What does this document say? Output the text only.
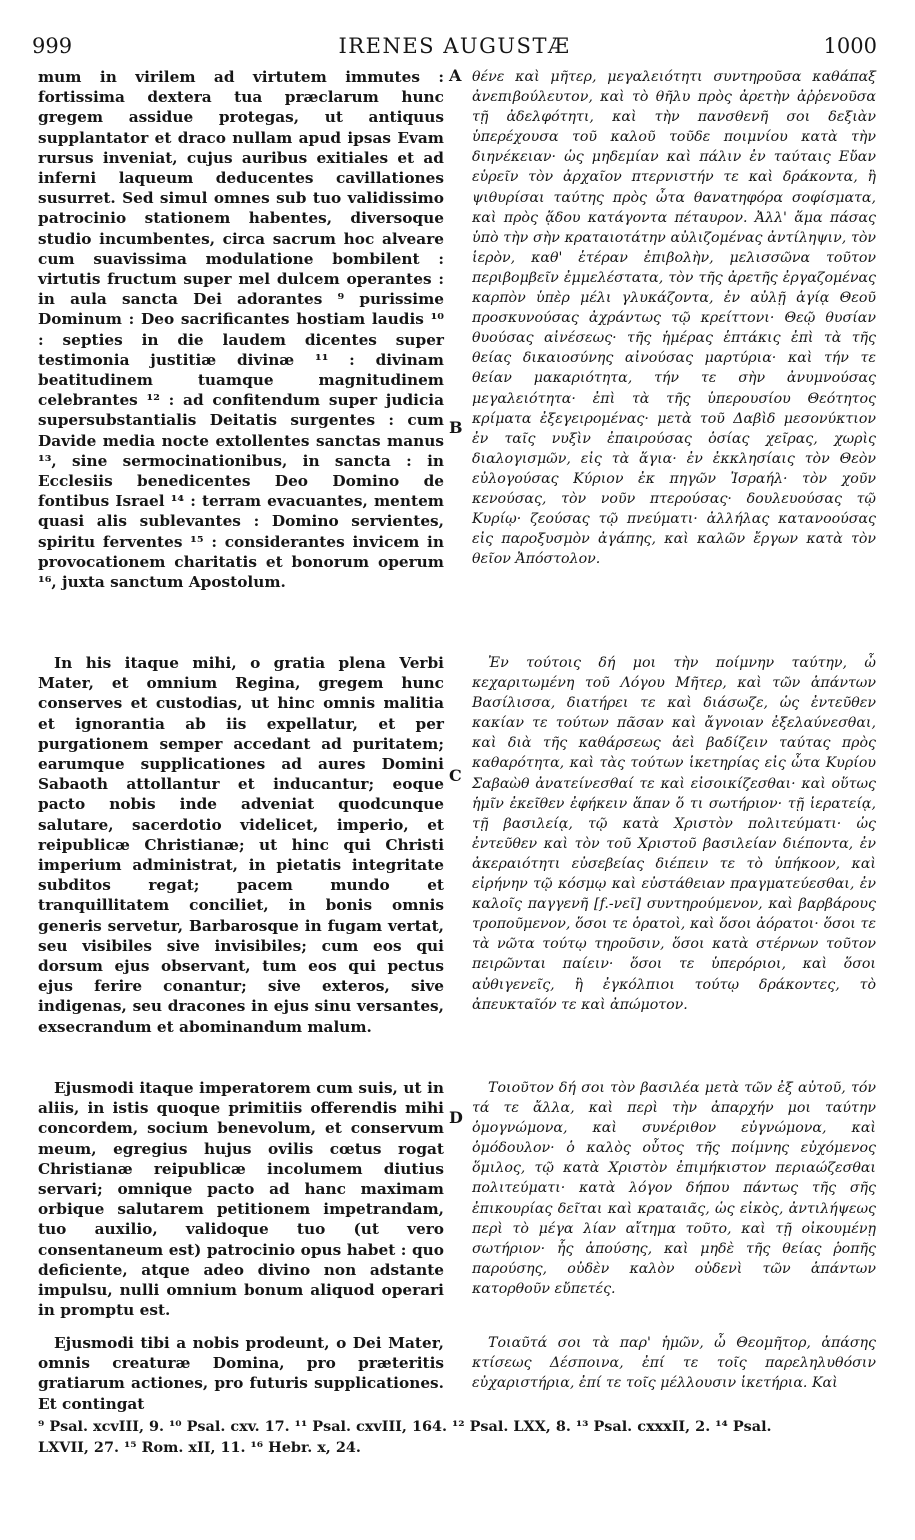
999	IRENES AUGUSTÆ	1000
A
B
C
D

mum in virilem ad virtutem immutes : fortissima dextera tua præclarum hunc gregem assidue protegas, ut antiquus supplantator et draco nullam apud ipsas Evam rursus inveniat, cujus auribus exitiales et ad inferni laqueum deducentes cavillationes susurret. Sed simul omnes sub tuo validissimo patrocinio stationem habentes, diversoque studio incumbentes, circa sacrum hoc alveare cum suavissima modulatione bombilent : virtutis fructum super mel dulcem operantes : in aula sancta Dei adorantes ⁹ purissime Dominum : Deo sacrificantes hostiam laudis ¹⁰ : septies in die laudem dicentes super testimonia justitiæ divinæ ¹¹ : divinam beatitudinem tuamque magnitudinem celebrantes ¹² : ad confitendum super judicia supersubstantialis Deitatis surgentes : cum Davide media nocte extollentes sanctas manus ¹³, sine sermocinationibus, in sancta : in Ecclesiis benedicentes Deo Domino de fontibus Israel ¹⁴ : terram evacuantes, mentem quasi alis sublevantes : Domino servientes, spiritu ferventes ¹⁵ : considerantes invicem in provocationem charitatis et bonorum operum ¹⁶, juxta sanctum Apostolum.

In his itaque mihi, o gratia plena Verbi Mater, et omnium Regina, gregem hunc conserves et custodias, ut hinc omnis malitia et ignorantia ab iis expellatur, et per purgationem semper accedant ad puritatem; earumque supplicationes ad aures Domini Sabaoth attollantur et inducantur; eoque pacto nobis inde adveniat quodcunque salutare, sacerdotio videlicet, imperio, et reipublicæ Christianæ; ut hinc qui Christi imperium administrat, in pietatis integritate subditos regat; pacem mundo et tranquillitatem conciliet, in bonis omnis generis servetur, Barbarosque in fugam vertat, seu visibiles sive invisibiles; cum eos qui dorsum ejus observant, tum eos qui pectus ejus ferire conantur; sive exteros, sive indigenas, seu dracones in ejus sinu versantes, exsecrandum et abominandum malum.

Ejusmodi itaque imperatorem cum suis, ut in aliis, in istis quoque primitiis offerendis mihi concordem, socium benevolum, et conservum meum, egregius hujus ovilis cœtus rogat Christianæ reipublicæ incolumem diutius servari; omnique pacto ad hanc maximam orbique salutarem petitionem impetrandam, tuo auxilio, validoque tuo (ut vero consentaneum est) patrocinio opus habet : quo deficiente, atque adeo divino non adstante impulsu, nulli omnium bonum aliquod operari in promptu est.

Ejusmodi tibi a nobis prodeunt, o Dei Mater, omnis creaturæ Domina, pro præteritis gratiarum actiones, pro futuris supplicationes. Et contingat

θένε καὶ μῆτερ, μεγαλειότητι συντηροῦσα καθάπαξ ἀνεπιβούλευτον, καὶ τὸ θῆλυ πρὸς ἀρετὴν ἀῤῥενοῦσα τῇ ἀδελφότητι, καὶ τὴν πανσθενῆ σοι δεξιὰν ὑπερέχουσα τοῦ καλοῦ τοῦδε ποιμνίου κατὰ τὴν διηνέκειαν· ὡς μηδεμίαν καὶ πάλιν ἐν ταύταις Εὔαν εὑρεῖν τὸν ἀρχαῖον πτερνιστήν τε καὶ δράκοντα, ἢ ψιθυρίσαι ταύτης πρὸς ὦτα θανατηφόρα σοφίσματα, καὶ πρὸς ᾅδου κατάγοντα πέταυρον. Ἀλλ' ἅμα πάσας ὑπὸ τὴν σὴν κραταιοτάτην αὐλιζομένας ἀντίληψιν, τὸν ἱερὸν, καθ' ἑτέραν ἐπιβολὴν, μελισσῶνα τοῦτον περιβομβεῖν ἐμμελέστατα, τὸν τῆς ἀρετῆς ἐργαζομένας καρπὸν ὑπὲρ μέλι γλυκάζοντα, ἐν αὐλῇ ἁγίᾳ Θεοῦ προσκυνούσας ἀχράντως τῷ κρείττονι· Θεῷ θυσίαν θυούσας αἰνέσεως· τῆς ἡμέρας ἑπτάκις ἐπὶ τὰ τῆς θείας δικαιοσύνης αἰνούσας μαρτύρια· καὶ τήν τε θείαν μακαριότητα, τήν τε σὴν ἀνυμνούσας μεγαλειότητα· ἐπὶ τὰ τῆς ὑπερουσίου Θεότητος κρίματα ἐξεγειρομένας· μετὰ τοῦ Δαβὶδ μεσονύκτιον ἐν ταῖς νυξὶν ἐπαιρούσας ὁσίας χεῖρας, χωρὶς διαλογισμῶν, εἰς τὰ ἅγια· ἐν ἐκκλησίαις τὸν Θεὸν εὐλογούσας Κύριον ἐκ πηγῶν Ἰσραήλ· τὸν χοῦν κενούσας, τὸν νοῦν πτερούσας· δουλευούσας τῷ Κυρίῳ· ζεούσας τῷ πνεύματι· ἀλλήλας κατανοούσας εἰς παροξυσμὸν ἀγάπης, καὶ καλῶν ἔργων κατὰ τὸν θεῖον Ἀπόστολον.

Ἐν τούτοις δή μοι τὴν ποίμνην ταύτην, ὦ κεχαριτωμένη τοῦ Λόγου Μῆτερ, καὶ τῶν ἁπάντων Βασίλισσα, διατήρει τε καὶ διάσωζε, ὡς ἐντεῦθεν κακίαν τε τούτων πᾶσαν καὶ ἄγνοιαν ἐξελαύνεσθαι, καὶ διὰ τῆς καθάρσεως ἀεὶ βαδίζειν ταύτας πρὸς καθαρότητα, καὶ τὰς τούτων ἱκετηρίας εἰς ὦτα Κυρίου Σαβαὼθ ἀνατείνεσθαί τε καὶ εἰσοικίζεσθαι· καὶ οὕτως ἡμῖν ἐκεῖθεν ἐφήκειν ἅπαν ὅ τι σωτήριον· τῇ ἱερατείᾳ, τῇ βασιλείᾳ, τῷ κατὰ Χριστὸν πολιτεύματι· ὡς ἐντεῦθεν καὶ τὸν τοῦ Χριστοῦ βασιλείαν διέποντα, ἐν ἀκεραιότητι εὐσεβείας διέπειν τε τὸ ὑπήκοον, καὶ εἰρήνην τῷ κόσμῳ καὶ εὐστάθειαν πραγματεύεσθαι, ἐν καλοῖς παγγενῆ [f.-νεῖ] συντηρούμενον, καὶ βαρβάρους τροποῦμενον, ὅσοι τε ὁρατοὶ, καὶ ὅσοι ἀόρατοι· ὅσοι τε τὰ νῶτα τούτῳ τηροῦσιν, ὅσοι κατὰ στέρνων τοῦτον πειρῶνται παίειν· ὅσοι τε ὑπερόριοι, καὶ ὅσοι αὐθιγενεῖς, ἢ ἐγκόλπιοι τούτῳ δράκοντες, τὸ ἀπευκταῖόν τε καὶ ἀπώμοτον.

Τοιοῦτον δή σοι τὸν βασιλέα μετὰ τῶν ἐξ αὐτοῦ, τόν τά τε ἄλλα, καὶ περὶ τὴν ἀπαρχήν μοι ταύτην ὁμογνώμονα, καὶ συνέριθον εὐγνώμονα, καὶ ὁμόδουλον· ὁ καλὸς οὗτος τῆς ποίμνης εὐχόμενος ὅμιλος, τῷ κατὰ Χριστὸν ἐπιμήκιστον περιαώζεσθαι πολιτεύματι· κατὰ λόγον δήπου πάντως τῆς σῆς ἐπικουρίας δεῖται καὶ κραταιᾶς, ὡς εἰκὸς, ἀντιλήψεως περὶ τὸ μέγα λίαν αἴτημα τοῦτο, καὶ τῇ οἰκουμένῃ σωτήριον· ἧς ἀπούσης, καὶ μηδὲ τῆς θείας ῥοπῆς παρούσης, οὐδὲν καλὸν οὐδενὶ τῶν ἁπάντων κατορθοῦν εὔπετές.

Τοιαῦτά σοι τὰ παρ' ἡμῶν, ὦ Θεομῆτορ, ἁπάσης κτίσεως Δέσποινα, ἐπί τε τοῖς παρεληλυθόσιν εὐχαριστήρια, ἐπί τε τοῖς μέλλουσιν ἱκετήρια. Καὶ

⁹ Psal. xcvIII, 9. ¹⁰ Psal. cxv. 17. ¹¹ Psal. cxvIII, 164. ¹² Psal. LXX, 8. ¹³ Psal. cxxxII, 2. ¹⁴ Psal.
LXVII, 27. ¹⁵ Rom. xII, 11. ¹⁶ Hebr. x, 24.
